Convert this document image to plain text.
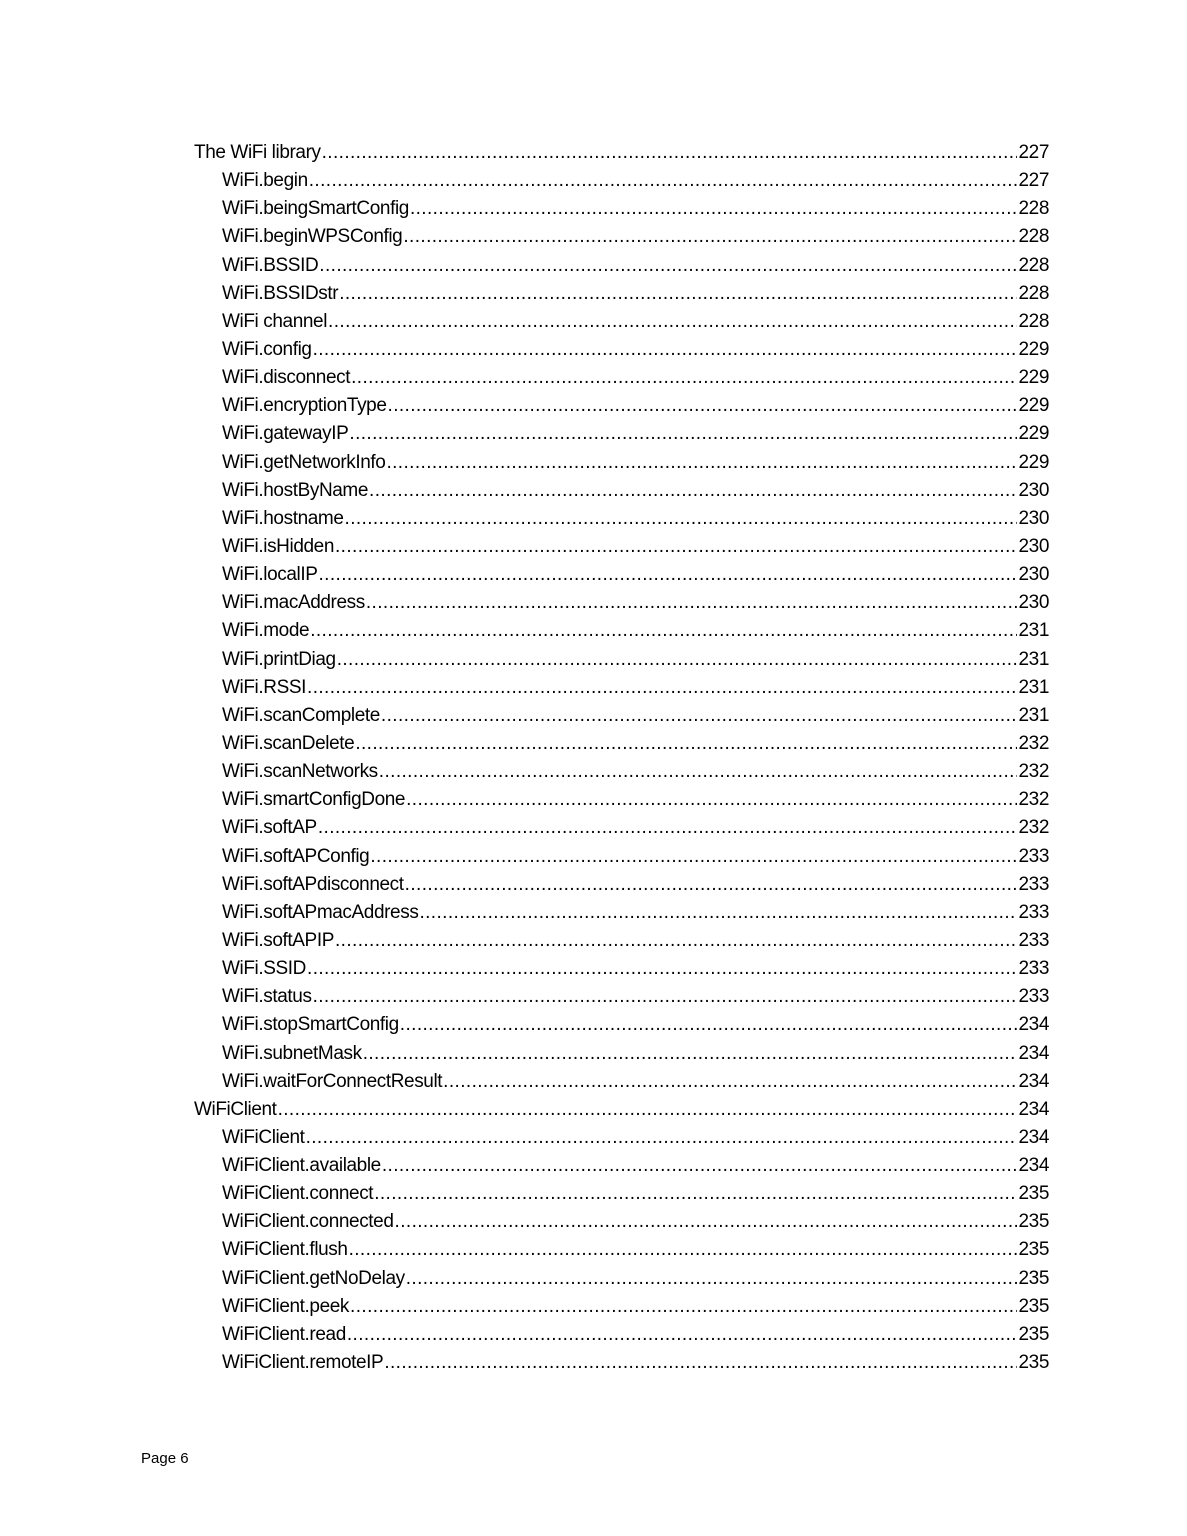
The WiFi library .....	227
WiFi.begin .....	227
WiFi.beingSmartConfig .....	228
WiFi.beginWPSConfig .....	228
WiFi.BSSID .....	228
WiFi.BSSIDstr .....	228
WiFi channel .....	228
WiFi.config .....	229
WiFi.disconnect .....	229
WiFi.encryptionType .....	229
WiFi.gatewayIP .....	229
WiFi.getNetworkInfo .....	229
WiFi.hostByName .....	230
WiFi.hostname .....	230
WiFi.isHidden .....	230
WiFi.localIP .....	230
WiFi.macAddress .....	230
WiFi.mode .....	231
WiFi.printDiag .....	231
WiFi.RSSI .....	231
WiFi.scanComplete .....	231
WiFi.scanDelete .....	232
WiFi.scanNetworks .....	232
WiFi.smartConfigDone .....	232
WiFi.softAP .....	232
WiFi.softAPConfig .....	233
WiFi.softAPdisconnect .....	233
WiFi.softAPmacAddress .....	233
WiFi.softAPIP .....	233
WiFi.SSID .....	233
WiFi.status .....	233
WiFi.stopSmartConfig .....	234
WiFi.subnetMask .....	234
WiFi.waitForConnectResult .....	234
WiFiClient .....	234
WiFiClient .....	234
WiFiClient.available .....	234
WiFiClient.connect .....	235
WiFiClient.connected .....	235
WiFiClient.flush .....	235
WiFiClient.getNoDelay .....	235
WiFiClient.peek .....	235
WiFiClient.read .....	235
WiFiClient.remoteIP .....	235
Page 6
